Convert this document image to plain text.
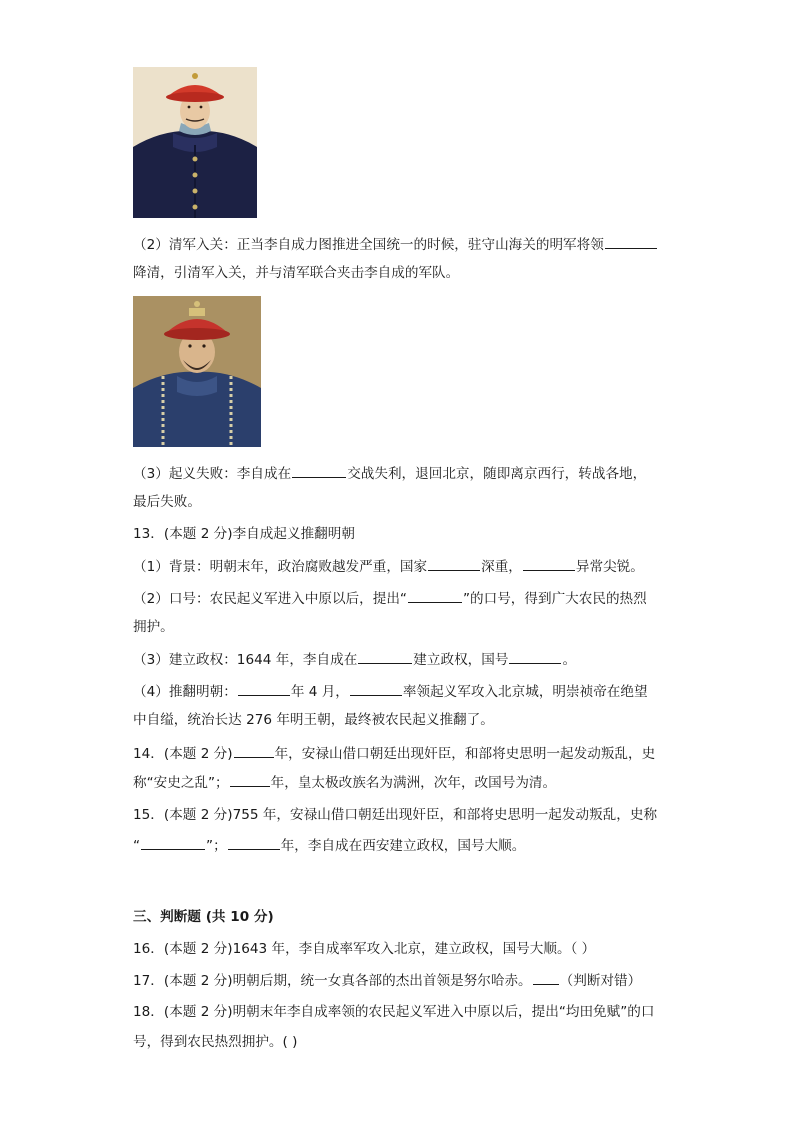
（2）清军入关：正当李自成力图推进全国统一的时候，驻守山海关的明军将领
降清，引清军入关，并与清军联合夹击李自成的军队。
（3）起义失败：李自成在	交战失利，退回北京，随即离京西行，转战各地，
最后失败。
13．(本题 2 分)李自成起义推翻明朝
（1）背景：明朝末年，政治腐败越发严重，国家	深重，	异常尖锐。
（2）口号：农民起义军进入中原以后，提出“	”的口号，得到广大农民的热烈
拥护。
（3）建立政权：1644 年，李自成在	建立政权，国号	。
（4）推翻明朝：	年 4 月，	率领起义军攻入北京城，明崇祯帝在绝望
中自缢，统治长达 276 年明王朝，最终被农民起义推翻了。
14．(本题 2 分)	年，安禄山借口朝廷出现奸臣，和部将史思明一起发动叛乱，史
称“安史之乱”；	年，皇太极改族名为满洲，次年，改国号为清。
15．(本题 2 分)755 年，安禄山借口朝廷出现奸臣，和部将史思明一起发动叛乱，史称
“	”；	年，李自成在西安建立政权，国号大顺。
三、判断题 (共 10 分)
16．(本题 2 分)1643 年，李自成率军攻入北京，建立政权，国号大顺。（ ）
17．(本题 2 分)明朝后期，统一女真各部的杰出首领是努尔哈赤。 （判断对错）
18．(本题 2 分)明朝末年李自成率领的农民起义军进入中原以后，提出“均田免赋”的口
号，得到农民热烈拥护。( )
